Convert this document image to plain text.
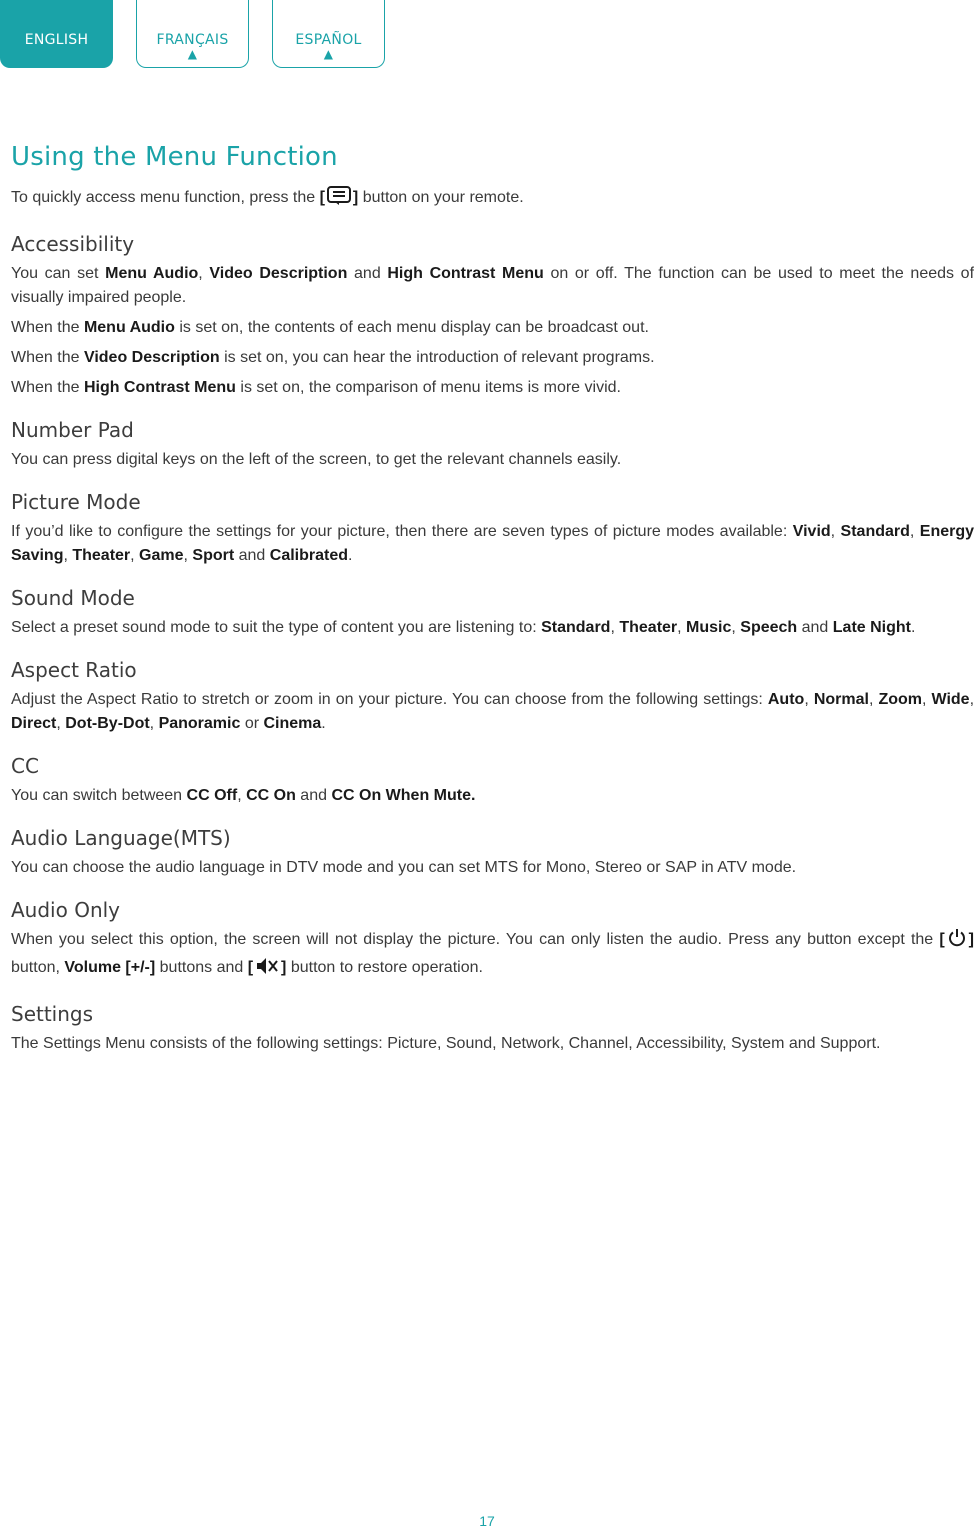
ENGLISH	FRANÇAIS
▲
ESPAÑOL
▲
Using the Menu Function

To quickly access menu function, press the [ ] button on your remote.

Accessibility

You can set Menu Audio, Video Description and High Contrast Menu on or off. The function can be used to meet the needs of visually impaired people.

When the Menu Audio is set on, the contents of each menu display can be broadcast out.

When the Video Description is set on, you can hear the introduction of relevant programs.

When the High Contrast Menu is set on, the comparison of menu items is more vivid.

Number Pad

You can press digital keys on the left of the screen, to get the relevant channels easily.

Picture Mode

If you’d like to configure the settings for your picture, then there are seven types of picture modes available: Vivid, Standard, Energy Saving, Theater, Game, Sport and Calibrated.

Sound Mode

Select a preset sound mode to suit the type of content you are listening to: Standard, Theater, Music, Speech and Late Night.

Aspect Ratio

Adjust the Aspect Ratio to stretch or zoom in on your picture. You can choose from the following settings: Auto, Normal, Zoom, Wide, Direct, Dot-By-Dot, Panoramic or Cinema.

CC

You can switch between CC Off, CC On and CC On When Mute.

Audio Language(MTS)

You can choose the audio language in DTV mode and you can set MTS for Mono, Stereo or SAP in ATV mode.

Audio Only

When you select this option, the screen will not display the picture. You can only listen the audio. Press any button except the [ ] button, Volume [+/-] buttons and [ ] button to restore operation.

Settings

The Settings Menu consists of the following settings: Picture, Sound, Network, Channel, Accessibility, System and Support.

17
